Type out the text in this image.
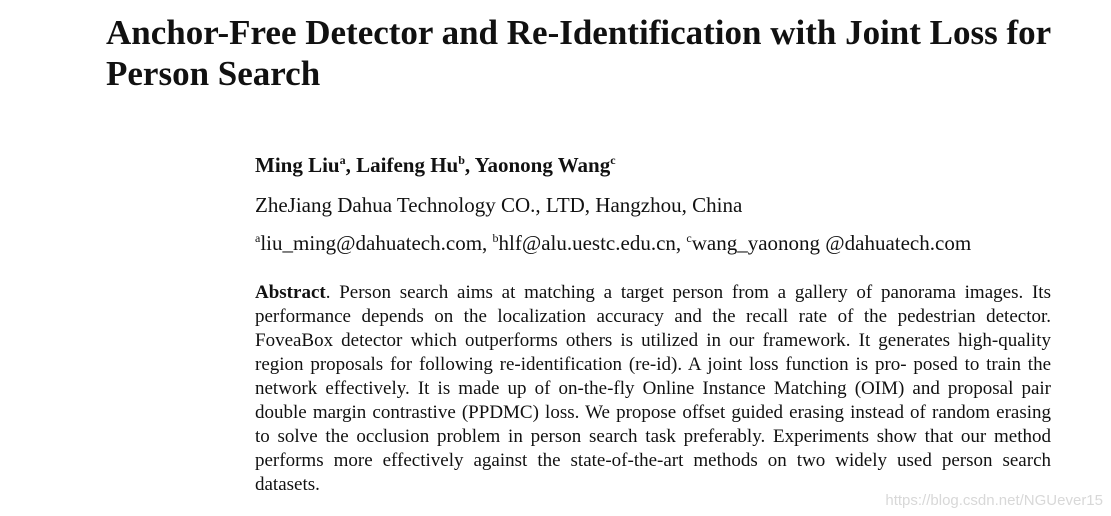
Anchor-Free Detector and Re-Identification with Joint Loss for Person Search

Ming Liu$^a$, Laifeng Hu$^b$, Yaonong Wang$^c$

ZheJiang Dahua Technology CO., LTD, Hangzhou, China

$^a$liu_ming@dahuatech.com, $^b$hlf@alu.uestc.edu.cn, $^c$wang_yaonong @dahuatech.com

Abstract. Person search aims at matching a target person from a gallery of panorama images. Its performance depends on the localization accuracy and the recall rate of the pedestrian detector. FoveaBox detector which outperforms others is utilized in our framework. It generates high-quality region proposals for following re-identification (re-id). A joint loss function is pro- posed to train the network effectively. It is made up of on-the-fly Online Instance Matching (OIM) and proposal pair double margin contrastive (PPDMC) loss. We propose offset guided erasing instead of random erasing to solve the occlusion problem in person search task preferably. Experiments show that our method performs more effectively against the state-of-the-art methods on two widely used person search datasets.

https://blog.csdn.net/NGUever15
